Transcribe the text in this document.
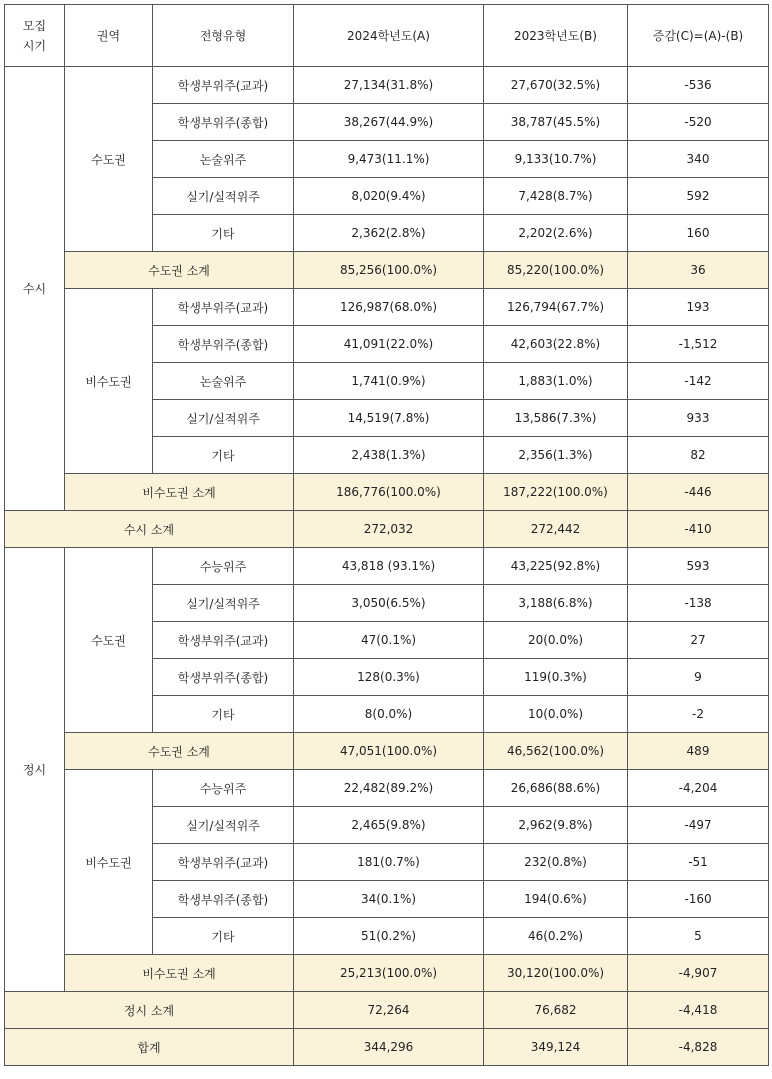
모집
시기	권역	전형유형	2024학년도(A)	2023학년도(B)	증감(C)=(A)-(B)
수시	수도권	학생부위주(교과)	27,134(31.8%)	27,670(32.5%)	-536
		학생부위주(종합)	38,267(44.9%)	38,787(45.5%)	-520
		논술위주	9,473(11.1%)	9,133(10.7%)	340
		실기/실적위주	8,020(9.4%)	7,428(8.7%)	592
		기타	2,362(2.8%)	2,202(2.6%)	160
	수도권 소계		85,256(100.0%)	85,220(100.0%)	36
	비수도권	학생부위주(교과)	126,987(68.0%)	126,794(67.7%)	193
		학생부위주(종합)	41,091(22.0%)	42,603(22.8%)	-1,512
		논술위주	1,741(0.9%)	1,883(1.0%)	-142
		실기/실적위주	14,519(7.8%)	13,586(7.3%)	933
		기타	2,438(1.3%)	2,356(1.3%)	82
	비수도권 소계		186,776(100.0%)	187,222(100.0%)	-446
수시 소계			272,032	272,442	-410
정시	수도권	수능위주	43,818 (93.1%)	43,225(92.8%)	593
		실기/실적위주	3,050(6.5%)	3,188(6.8%)	-138
		학생부위주(교과)	47(0.1%)	20(0.0%)	27
		학생부위주(종합)	128(0.3%)	119(0.3%)	9
		기타	8(0.0%)	10(0.0%)	-2
	수도권 소계		47,051(100.0%)	46,562(100.0%)	489
	비수도권	수능위주	22,482(89.2%)	26,686(88.6%)	-4,204
		실기/실적위주	2,465(9.8%)	2,962(9.8%)	-497
		학생부위주(교과)	181(0.7%)	232(0.8%)	-51
		학생부위주(종합)	34(0.1%)	194(0.6%)	-160
		기타	51(0.2%)	46(0.2%)	5
	비수도권 소계		25,213(100.0%)	30,120(100.0%)	-4,907
정시 소계			72,264	76,682	-4,418
합계			344,296	349,124	-4,828
